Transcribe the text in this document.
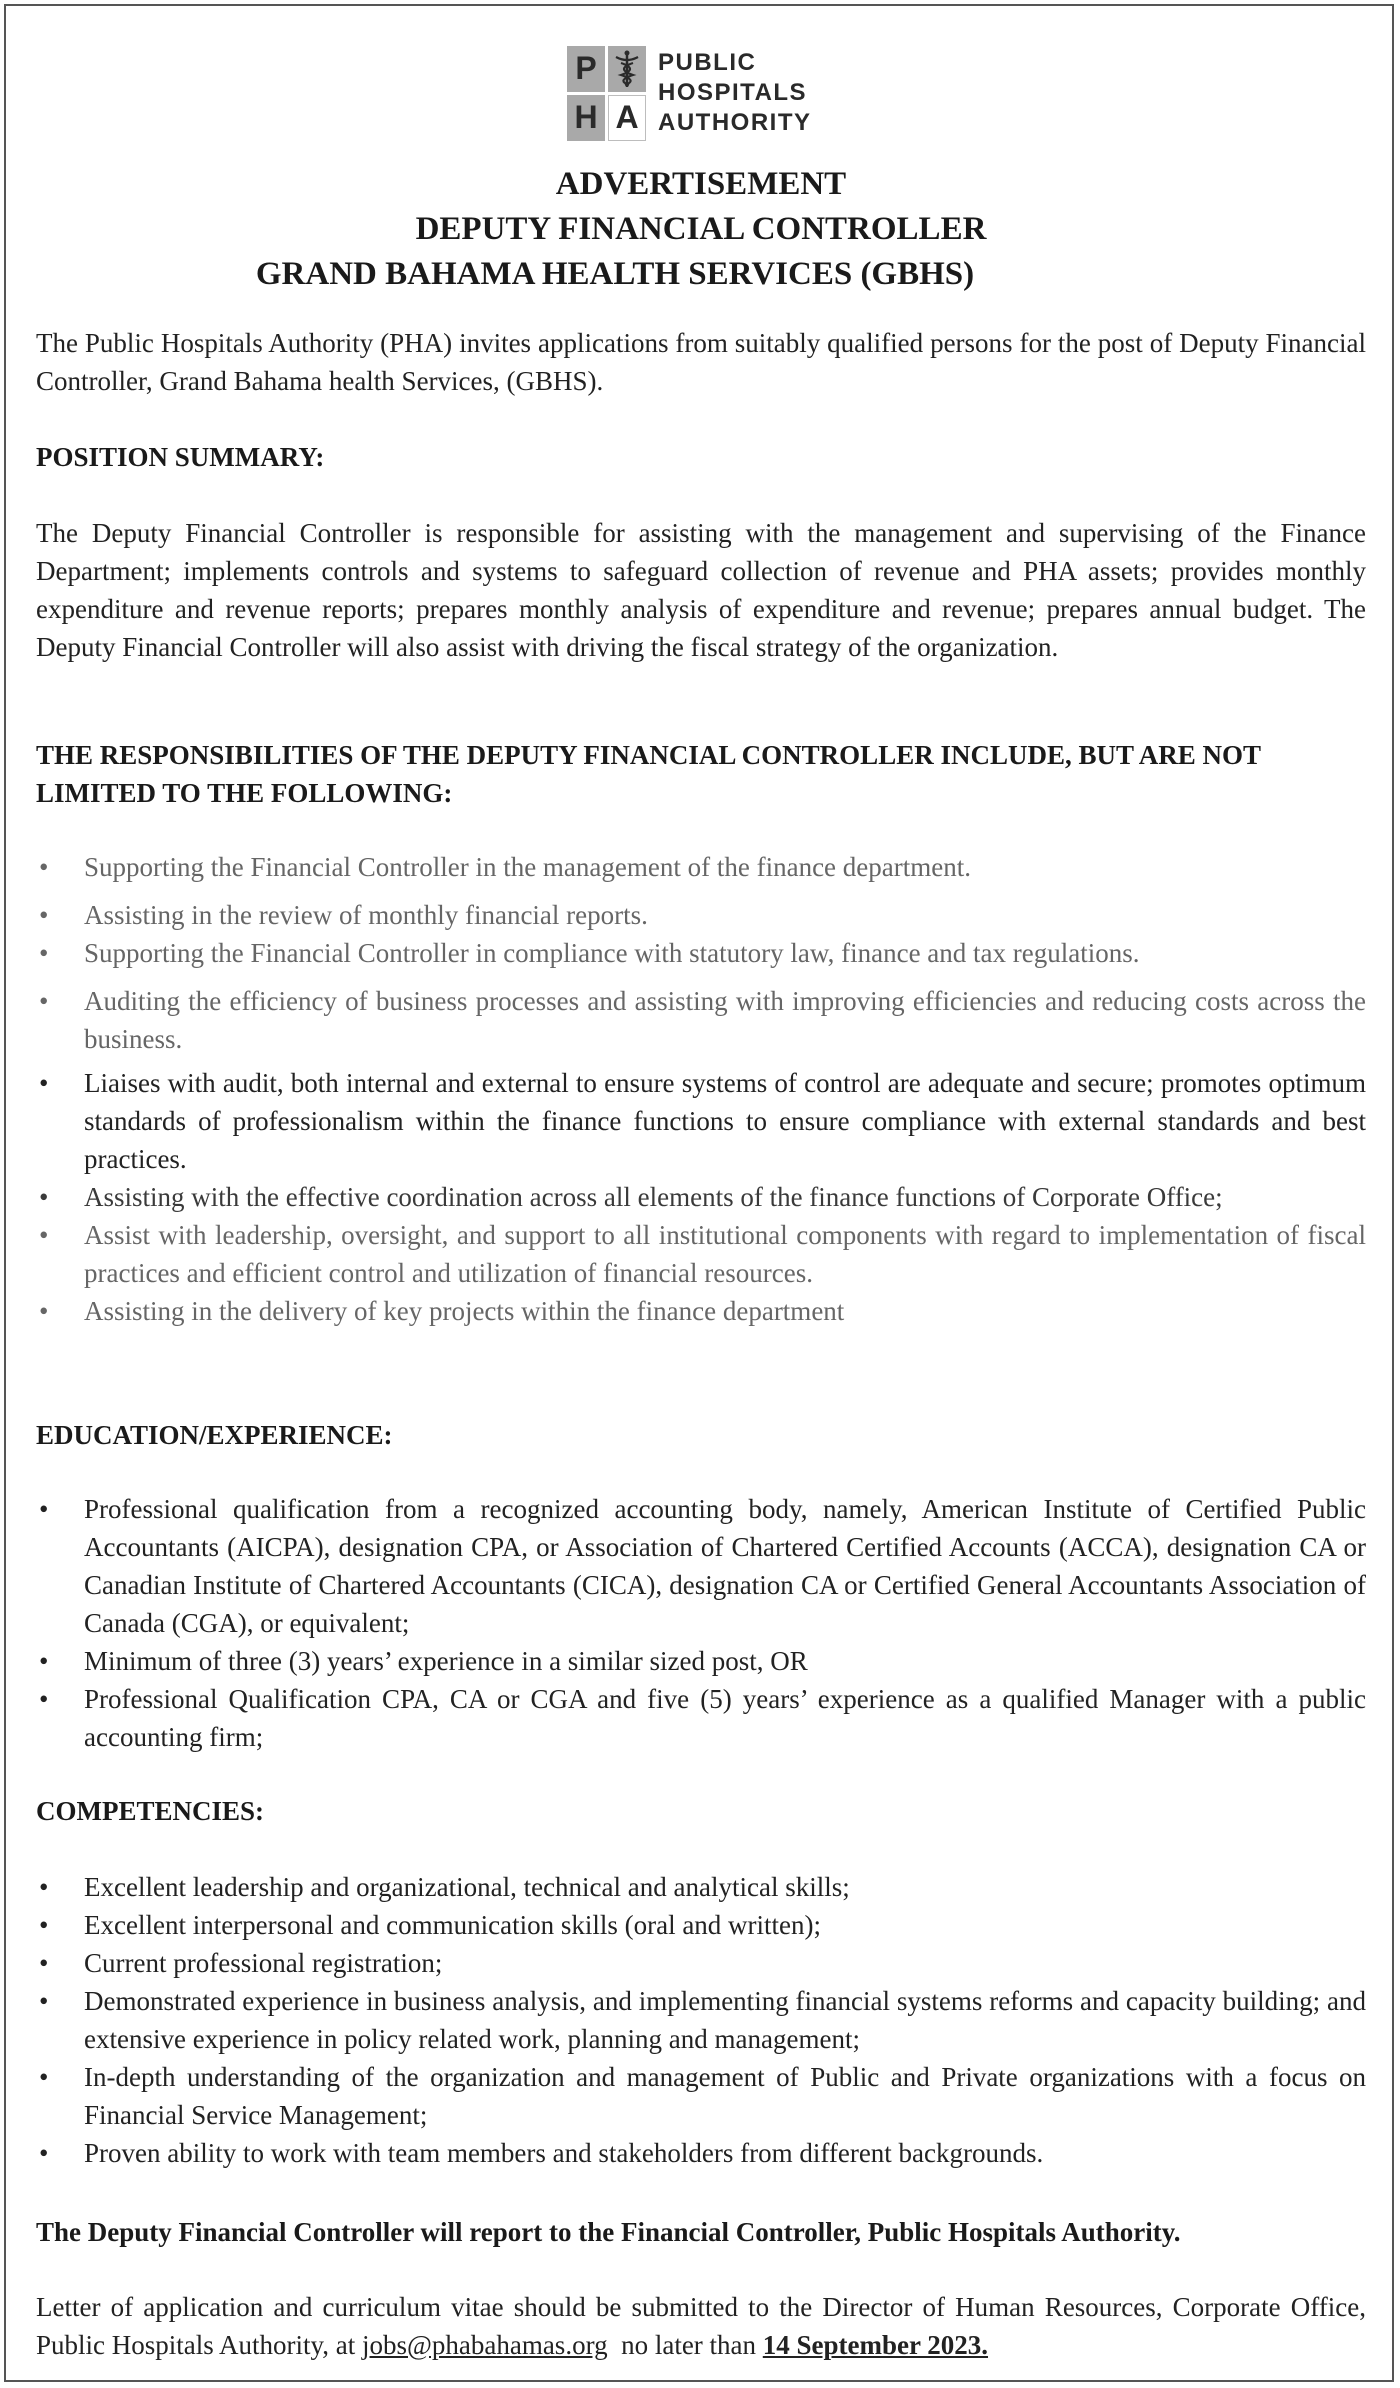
P
H A
PUBLIC
HOSPITALS
AUTHORITY
ADVERTISEMENT
DEPUTY FINANCIAL CONTROLLER
GRAND BAHAMA HEALTH SERVICES (GBHS)
The Public Hospitals Authority (PHA) invites applications from suitably qualified persons for the post of Deputy Financial Controller, Grand Bahama health Services, (GBHS).
POSITION SUMMARY:
The Deputy Financial Controller is responsible for assisting with the management and supervising of the Finance Department; implements controls and systems to safeguard collection of revenue and PHA assets; provides monthly expenditure and revenue reports; prepares monthly analysis of expenditure and revenue; prepares annual budget. The Deputy Financial Controller will also assist with driving the fiscal strategy of the organization.
THE RESPONSIBILITIES OF THE DEPUTY FINANCIAL CONTROLLER INCLUDE, BUT ARE NOT LIMITED TO THE FOLLOWING:
• Supporting the Financial Controller in the management of the finance department.
• Assisting in the review of monthly financial reports.
• Supporting the Financial Controller in compliance with statutory law, finance and tax regulations.
• Auditing the efficiency of business processes and assisting with improving efficiencies and reducing costs across the business.
• Liaises with audit, both internal and external to ensure systems of control are adequate and secure; promotes optimum standards of professionalism within the finance functions to ensure compliance with external standards and best practices.
• Assisting with the effective coordination across all elements of the finance functions of Corporate Office;
• Assist with leadership, oversight, and support to all institutional components with regard to implementation of fiscal practices and efficient control and utilization of financial resources.
• Assisting in the delivery of key projects within the finance department
EDUCATION/EXPERIENCE:
• Professional qualification from a recognized accounting body, namely, American Institute of Certified Public Accountants (AICPA), designation CPA, or Association of Chartered Certified Accounts (ACCA), designation CA or Canadian Institute of Chartered Accountants (CICA), designation CA or Certified General Accountants Association of Canada (CGA), or equivalent;
• Minimum of three (3) years’ experience in a similar sized post, OR
• Professional Qualification CPA, CA or CGA and five (5) years’ experience as a qualified Manager with a public accounting firm;
COMPETENCIES:
• Excellent leadership and organizational, technical and analytical skills;
• Excellent interpersonal and communication skills (oral and written);
• Current professional registration;
• Demonstrated experience in business analysis, and implementing financial systems reforms and capacity building; and extensive experience in policy related work, planning and management;
• In-depth understanding of the organization and management of Public and Private organizations with a focus on Financial Service Management;
• Proven ability to work with team members and stakeholders from different backgrounds.
The Deputy Financial Controller will report to the Financial Controller, Public Hospitals Authority.
Letter of application and curriculum vitae should be submitted to the Director of Human Resources, Corporate Office, Public Hospitals Authority, at jobs@phabahamas.org no later than 14 September 2023.
